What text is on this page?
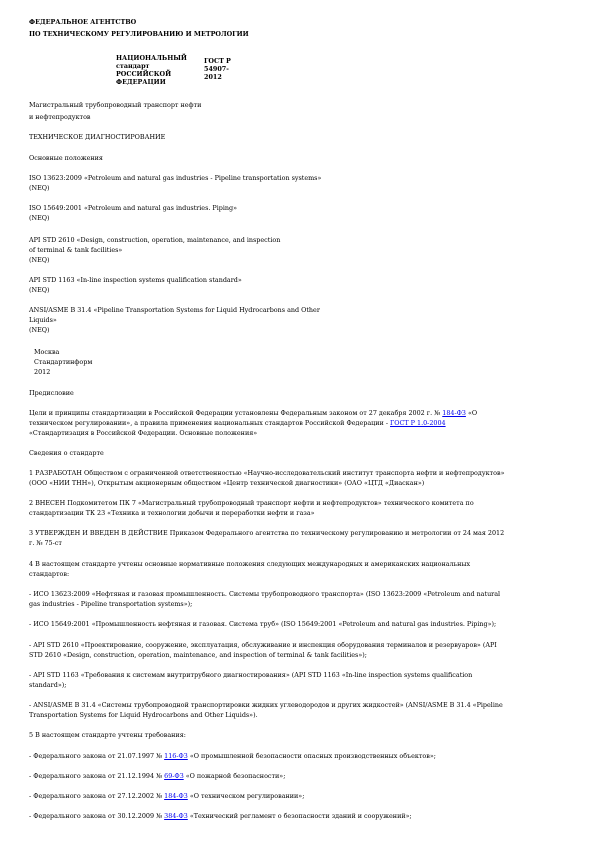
ФЕДЕРАЛЬНОЕ АГЕНТСТВО

ПО ТЕХНИЧЕСКОМУ РЕГУЛИРОВАНИЮ И МЕТРОЛОГИИ

НАЦИОНАЛЬНЫЙ

стандарт

РОССИЙСКОЙ

ФЕДЕРАЦИИ

ГОСТ Р

54907-

2012

Магистральный трубопроводный транспорт нефти

и нефтепродуктов

ТЕХНИЧЕСКОЕ ДИАГНОСТИРОВАНИЕ

Основные положения

ISO 13623:2009 «Petroleum and natural gas industries - Pipeline transportation systems»

(NEQ)

ISO 15649:2001 «Petroleum and natural gas industries. Piping»

(NEQ)

API STD 2610 «Design, construction, operation, maintenance, and inspection

of terminal & tank facilities»

(NEQ)

API STD 1163 «In-line inspection systems qualification standard»

(NEQ)

ANSI/ASME B 31.4 «Pipeline Transportation Systems for Liquid Hydrocarbons and Other

Liquids»

(NEQ)

Москва

Стандартинформ

2012

Предисловие

Цели и принципы стандартизации в Российской Федерации установлены Федеральным законом от 27 декабря 2002 г. № 184-ФЗ «О

техническом регулировании», а правила применения национальных стандартов Российской Федерации - ГОСТ Р 1.0-2004

«Стандартизация в Российской Федерации. Основные положения»

Сведения о стандарте

1 РАЗРАБОТАН Обществом с ограниченной ответственностью «Научно-исследовательский институт транспорта нефти и нефтепродуктов»

(ООО «НИИ ТНН»), Открытым акционерным обществом «Центр технической диагностики» (ОАО «ЦТД «Диаскан»)

2 ВНЕСЕН Подкомитетом ПК 7 «Магистральный трубопроводный транспорт нефти и нефтепродуктов» технического комитета по

стандартизации ТК 23 «Техника и технологии добычи и переработки нефти и газа»

3 УТВЕРЖДЕН И ВВЕДЕН В ДЕЙСТВИЕ Приказом Федерального агентства по техническому регулированию и метрологии от 24 мая 2012

г. № 75-ст

4 В настоящем стандарте учтены основные нормативные положения следующих международных и американских национальных

стандартов:

- ИСО 13623:2009 «Нефтяная и газовая промышленность. Системы трубопроводного транспорта» (ISO 13623:2009 «Petroleum and natural

gas industries - Pipeline transportation systems»);

- ИСО 15649:2001 «Промышленность нефтяная и газовая. Система труб» (ISO 15649:2001 «Petroleum and natural gas industries. Piping»);

- API STD 2610 «Проектирование, сооружение, эксплуатация, обслуживание и инспекция оборудования терминалов и резервуаров» (API

STD 2610 «Design, construction, operation, maintenance, and inspection of terminal & tank facilities»);

- API STD 1163 «Требования к системам внутритрубного диагностирования» (API STD 1163 «In-line inspection systems qualification

standard»);

- ANSI/ASME B 31.4 «Системы трубопроводной транспортировки жидких углеводородов и других жидкостей» (ANSI/ASME B 31.4 «Pipeline

Transportation Systems for Liquid Hydrocarbons and Other Liquids»).

5 В настоящем стандарте учтены требования:

- Федерального закона от 21.07.1997 № 116-ФЗ «О промышленной безопасности опасных производственных объектов»;

- Федерального закона от 21.12.1994 № 69-ФЗ «О пожарной безопасности»;

- Федерального закона от 27.12.2002 № 184-ФЗ «О техническом регулировании»;

- Федерального закона от 30.12.2009 № 384-ФЗ «Технический регламент о безопасности зданий и сооружений»;
